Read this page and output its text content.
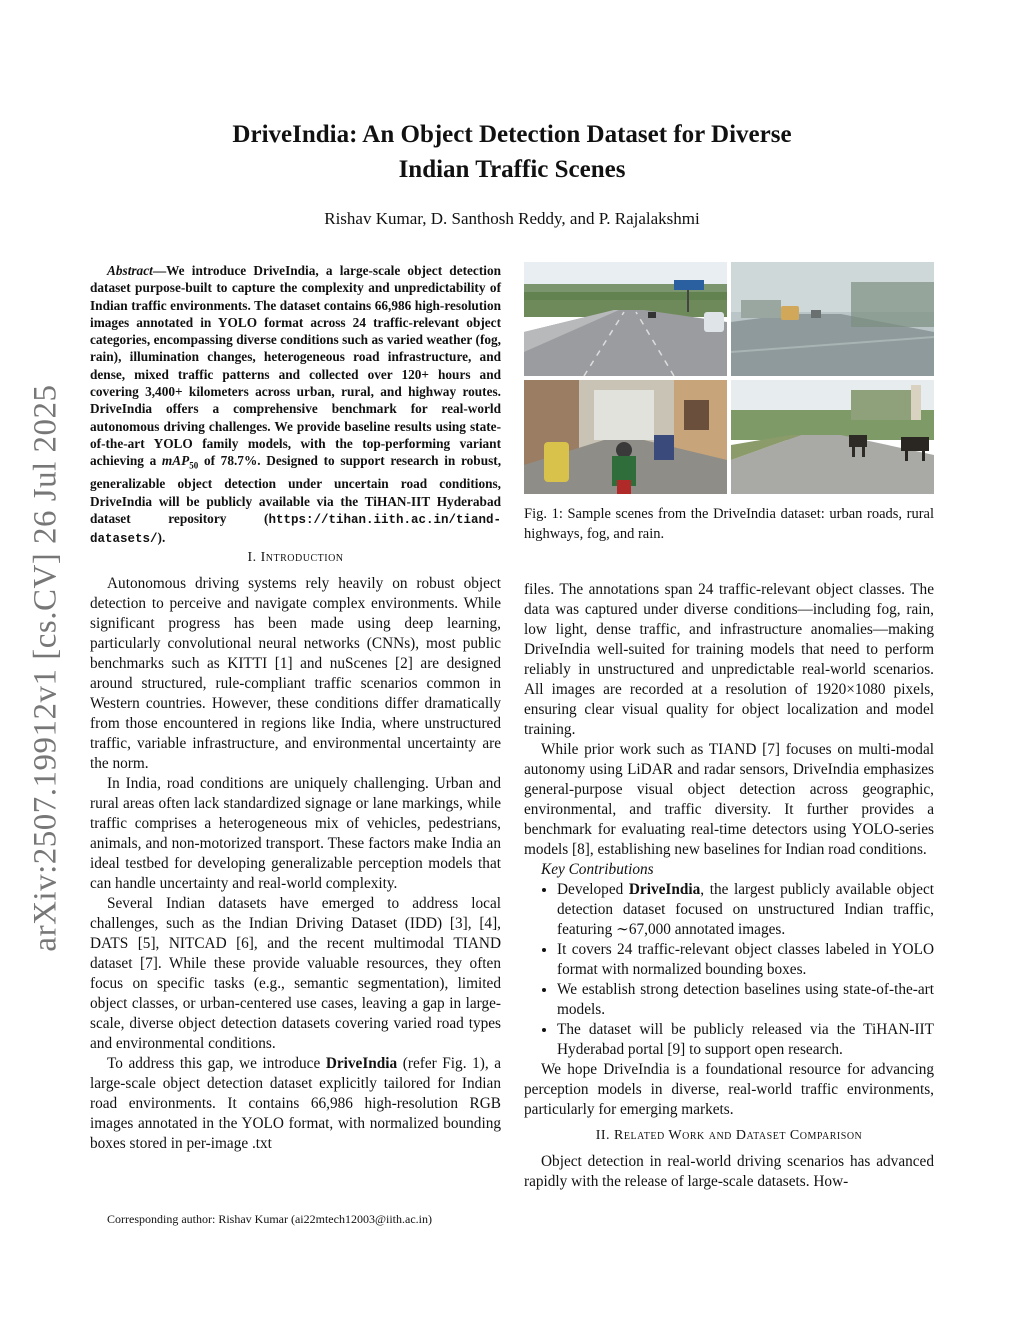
arXiv:2507.19912v1 [cs.CV] 26 Jul 2025
DriveIndia: An Object Detection Dataset for Diverse
Indian Traffic Scenes
Rishav Kumar, D. Santhosh Reddy, and P. Rajalakshmi

Abstract—We introduce DriveIndia, a large-scale object detection dataset purpose-built to capture the complexity and unpredictability of Indian traffic environments. The dataset contains 66,986 high-resolution images annotated in YOLO format across 24 traffic-relevant object categories, encompassing diverse conditions such as varied weather (fog, rain), illumination changes, heterogeneous road infrastructure, and dense, mixed traffic patterns and collected over 120+ hours and covering 3,400+ kilometers across urban, rural, and highway routes. DriveIndia offers a comprehensive benchmark for real-world autonomous driving challenges. We provide baseline results using state-of-the-art YOLO family models, with the top-performing variant achieving a mAP$_{50}$ of 78.7%. Designed to support research in robust, generalizable object detection under uncertain road conditions, DriveIndia will be publicly available via the TiHAN-IIT Hyderabad dataset repository (https://tihan.iith.ac.in/tiand-datasets/).

I. Introduction

Autonomous driving systems rely heavily on robust object detection to perceive and navigate complex environments. While significant progress has been made using deep learning, particularly convolutional neural networks (CNNs), most public benchmarks such as KITTI [1] and nuScenes [2] are designed around structured, rule-compliant traffic scenarios common in Western countries. However, these conditions differ dramatically from those encountered in regions like India, where unstructured traffic, variable infrastructure, and environmental uncertainty are the norm.

In India, road conditions are uniquely challenging. Urban and rural areas often lack standardized signage or lane markings, while traffic comprises a heterogeneous mix of vehicles, pedestrians, animals, and non-motorized transport. These factors make India an ideal testbed for developing generalizable perception models that can handle uncertainty and real-world complexity.

Several Indian datasets have emerged to address local challenges, such as the Indian Driving Dataset (IDD) [3], [4], DATS [5], NITCAD [6], and the recent multimodal TIAND dataset [7]. While these provide valuable resources, they often focus on specific tasks (e.g., semantic segmentation), limited object classes, or urban-centered use cases, leaving a gap in large-scale, diverse object detection datasets covering varied road types and environmental conditions.

To address this gap, we introduce DriveIndia (refer Fig. 1), a large-scale object detection dataset explicitly tailored for Indian road environments. It contains 66,986 high-resolution RGB images annotated in the YOLO format, with normalized bounding boxes stored in per-image .txt

Corresponding author: Rishav Kumar (ai22mtech12003@iith.ac.in)
Fig. 1: Sample scenes from the DriveIndia dataset: urban roads, rural highways, fog, and rain.

files. The annotations span 24 traffic-relevant object classes. The data was captured under diverse conditions—including fog, rain, low light, dense traffic, and infrastructure anomalies—making DriveIndia well-suited for training models that need to perform reliably in unstructured and unpredictable real-world scenarios. All images are recorded at a resolution of 1920×1080 pixels, ensuring clear visual quality for object localization and model training.

While prior work such as TIAND [7] focuses on multi-modal autonomy using LiDAR and radar sensors, DriveIndia emphasizes general-purpose visual object detection across geographic, environmental, and traffic diversity. It further provides a benchmark for evaluating real-time detectors using YOLO-series models [8], establishing new baselines for Indian road conditions.

Key Contributions

• Developed DriveIndia, the largest publicly available object detection dataset focused on unstructured Indian traffic, featuring ∼67,000 annotated images.
• It covers 24 traffic-relevant object classes labeled in YOLO format with normalized bounding boxes.
• We establish strong detection baselines using state-of-the-art models.
• The dataset will be publicly released via the TiHAN-IIT Hyderabad portal [9] to support open research.

We hope DriveIndia is a foundational resource for advancing perception models in diverse, real-world traffic environments, particularly for emerging markets.

II. Related Work and Dataset Comparison

Object detection in real-world driving scenarios has advanced rapidly with the release of large-scale datasets. How-
